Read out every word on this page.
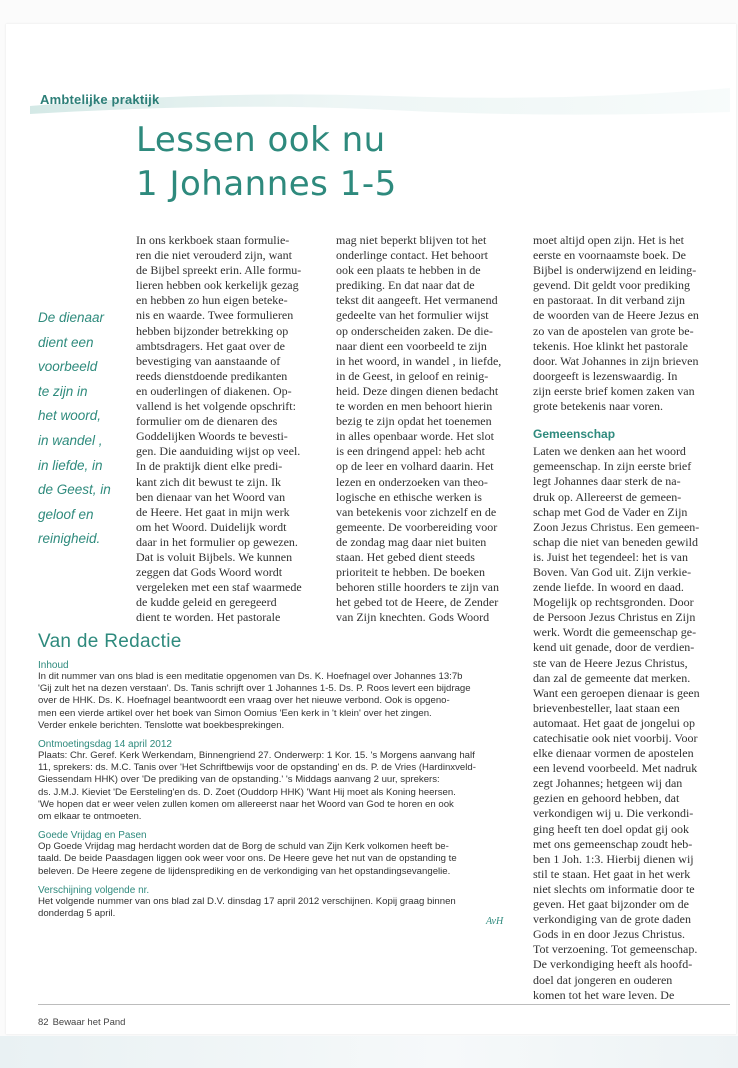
Ambtelijke praktijk
Lessen ook nu
1 Johannes 1-5
De dienaar
dient een
voorbeeld
te zijn in
het woord,
in wandel ,
in liefde, in
de Geest, in
geloof en
reinigheid.
In ons kerkboek staan formulie-
ren die niet verouderd zijn, want
de Bijbel spreekt erin. Alle formu-
lieren hebben ook kerkelijk gezag
en hebben zo hun eigen beteke-
nis en waarde. Twee formulieren
hebben bijzonder betrekking op
ambtsdragers. Het gaat over de
bevestiging van aanstaande of
reeds dienstdoende predikanten
en ouderlingen of diakenen. Op-
vallend is het volgende opschrift:
formulier om de dienaren des
Goddelijken Woords te bevesti-
gen. Die aanduiding wijst op veel.
In de praktijk dient elke predi-
kant zich dit bewust te zijn. Ik
ben dienaar van het Woord van
de Heere. Het gaat in mijn werk
om het Woord. Duidelijk wordt
daar in het formulier op gewezen.
Dat is voluit Bijbels. We kunnen
zeggen dat Gods Woord wordt
vergeleken met een staf waarmede
de kudde geleid en geregeerd
dient te worden. Het pastorale
mag niet beperkt blijven tot het
onderlinge contact. Het behoort
ook een plaats te hebben in de
prediking. En dat naar dat de
tekst dit aangeeft. Het vermanend
gedeelte van het formulier wijst
op onderscheiden zaken. De die-
naar dient een voorbeeld te zijn
in het woord, in wandel , in liefde,
in de Geest, in geloof en reinig-
heid. Deze dingen dienen bedacht
te worden en men behoort hierin
bezig te zijn opdat het toenemen
in alles openbaar worde. Het slot
is een dringend appel: heb acht
op de leer en volhard daarin. Het
lezen en onderzoeken van theo-
logische en ethische werken is
van betekenis voor zichzelf en de
gemeente. De voorbereiding voor
de zondag mag daar niet buiten
staan. Het gebed dient steeds
prioriteit te hebben. De boeken
behoren stille hoorders te zijn van
het gebed tot de Heere, de Zender
van Zijn knechten. Gods Woord
moet altijd open zijn. Het is het
eerste en voornaamste boek. De
Bijbel is onderwijzend en leiding-
gevend. Dit geldt voor prediking
en pastoraat. In dit verband zijn
de woorden van de Heere Jezus en
zo van de apostelen van grote be-
tekenis. Hoe klinkt het pastorale
door. Wat Johannes in zijn brieven
doorgeeft is lezenswaardig. In
zijn eerste brief komen zaken van
grote betekenis naar voren.
Gemeenschap
Laten we denken aan het woord
gemeenschap. In zijn eerste brief
legt Johannes daar sterk de na-
druk op. Allereerst de gemeen-
schap met God de Vader en Zijn
Zoon Jezus Christus. Een gemeen-
schap die niet van beneden gewild
is. Juist het tegendeel: het is van
Boven. Van God uit. Zijn verkie-
zende liefde. In woord en daad.
Mogelijk op rechtsgronden. Door
de Persoon Jezus Christus en Zijn
werk. Wordt die gemeenschap ge-
kend uit genade, door de verdien-
ste van de Heere Jezus Christus,
dan zal de gemeente dat merken.
Want een geroepen dienaar is geen
brievenbesteller, laat staan een
automaat. Het gaat de jongelui op
catechisatie ook niet voorbij. Voor
elke dienaar vormen de apostelen
een levend voorbeeld. Met nadruk
zegt Johannes; hetgeen wij dan
gezien en gehoord hebben, dat
verkondigen wij u. Die verkondi-
ging heeft ten doel opdat gij ook
met ons gemeenschap zoudt heb-
ben 1 Joh. 1:3. Hierbij dienen wij
stil te staan. Het gaat in het werk
niet slechts om informatie door te
geven. Het gaat bijzonder om de
verkondiging van de grote daden
Gods in en door Jezus Christus.
Tot verzoening. Tot gemeenschap.
De verkondiging heeft als hoofd-
doel dat jongeren en ouderen
komen tot het ware leven. De
Van de Redactie
Inhoud
In dit nummer van ons blad is een meditatie opgenomen van Ds. K. Hoefnagel over Johannes 13:7b
'Gij zult het na dezen verstaan'. Ds. Tanis schrijft over 1 Johannes 1-5. Ds. P. Roos levert een bijdrage
over de HHK. Ds. K. Hoefnagel beantwoordt een vraag over het nieuwe verbond. Ook is opgeno-
men een vierde artikel over het boek van Simon Oomius 'Een kerk in 't klein' over het zingen.
Verder enkele berichten. Tenslotte wat boekbesprekingen.
Ontmoetingsdag 14 april 2012
Plaats: Chr. Geref. Kerk Werkendam, Binnengriend 27. Onderwerp: 1 Kor. 15. 's Morgens aanvang half
11, sprekers: ds. M.C. Tanis over 'Het Schriftbewijs voor de opstanding' en ds. P. de Vries (Hardinxveld-
Giessendam HHK) over 'De prediking van de opstanding.' 's Middags aanvang 2 uur, sprekers:
ds. J.M.J. Kieviet 'De Eersteling'en ds. D. Zoet (Ouddorp HHK) 'Want Hij moet als Koning heersen.
'We hopen dat er weer velen zullen komen om allereerst naar het Woord van God te horen en ook
om elkaar te ontmoeten.
Goede Vrijdag en Pasen
Op Goede Vrijdag mag herdacht worden dat de Borg de schuld van Zijn Kerk volkomen heeft be-
taald. De beide Paasdagen liggen ook weer voor ons. De Heere geve het nut van de opstanding te
beleven. De Heere zegene de lijdensprediking en de verkondiging van het opstandingsevangelie.
Verschijning volgende nr.
Het volgende nummer van ons blad zal D.V. dinsdag 17 april 2012 verschijnen. Kopij graag binnen
donderdag 5 april.
AvH
82 Bewaar het Pand
